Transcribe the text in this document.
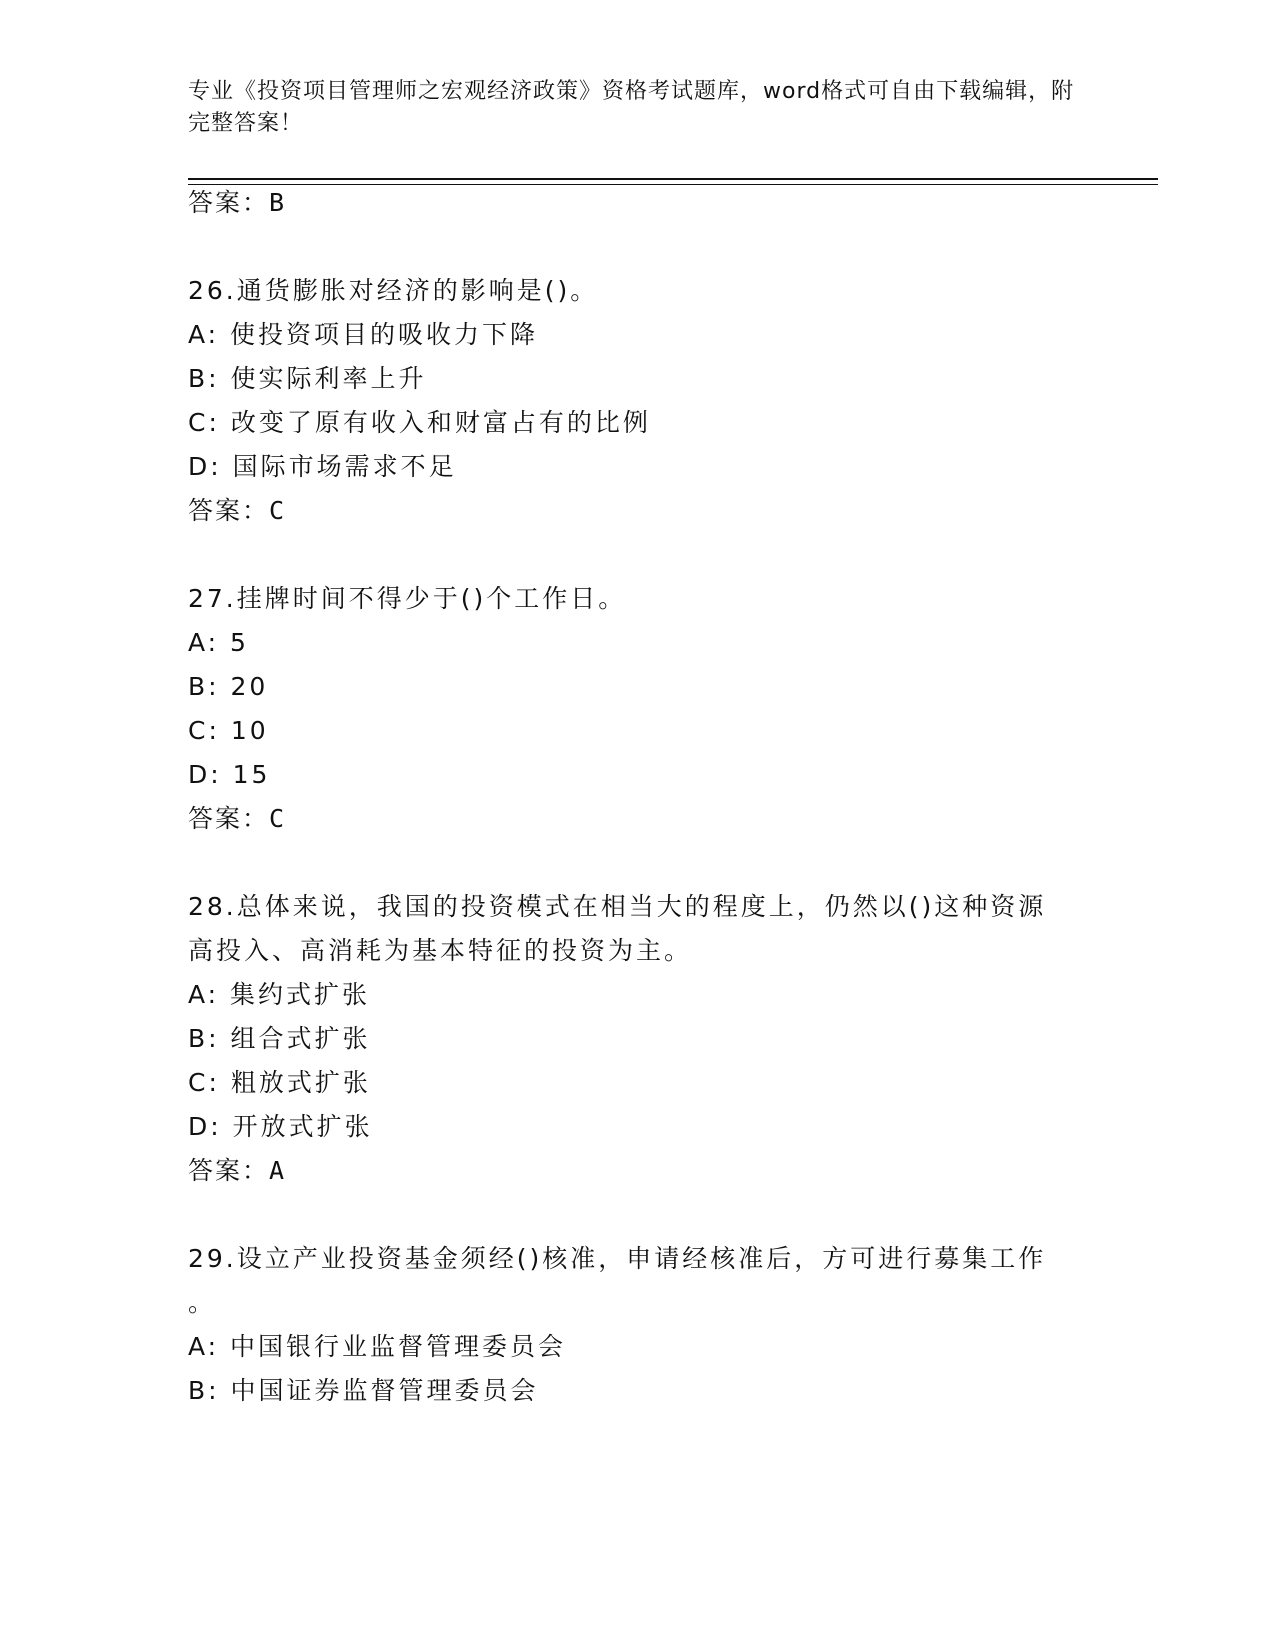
专业《投资项目管理师之宏观经济政策》资格考试题库，word格式可自由下载编辑，附完整答案！
答案：B
26.通货膨胀对经济的影响是()。
A: 使投资项目的吸收力下降
B: 使实际利率上升
C: 改变了原有收入和财富占有的比例
D: 国际市场需求不足
答案：C
27.挂牌时间不得少于()个工作日。
A: 5
B: 20
C: 10
D: 15
答案：C
28.总体来说，我国的投资模式在相当大的程度上，仍然以()这种资源
高投入、高消耗为基本特征的投资为主。
A: 集约式扩张
B: 组合式扩张
C: 粗放式扩张
D: 开放式扩张
答案：A
29.设立产业投资基金须经()核准，申请经核准后，方可进行募集工作
。
A: 中国银行业监督管理委员会
B: 中国证券监督管理委员会
